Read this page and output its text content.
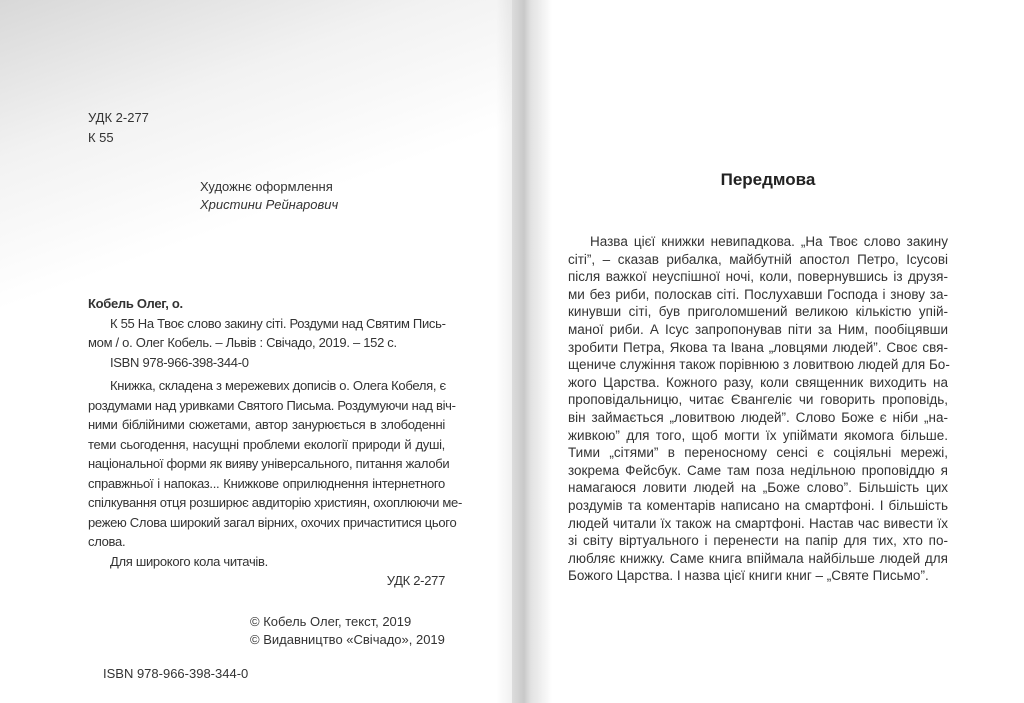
УДК 2-277
К 55
Художнє оформлення
Христини Рейнарович
Кобель Олег, о.
К 55 На Твоє слово закину сіті. Роздуми над Святим Пись-
мом / о. Олег Кобель. – Львів : Свічадо, 2019. – 152 с.
ISBN 978-966-398-344-0
Книжка, складена з мережевих дописів о. Олега Кобеля, є
роздумами над уривками Святого Письма. Роздумуючи над віч-
ними біблійними сюжетами, автор занурюється в злободенні
теми сьогодення, насущні проблеми екології природи й душі,
національної форми як вияву універсального, питання жалоби
справжньої і напоказ... Книжкове оприлюднення інтернетного
спілкування отця розширює авдиторію християн, охоплюючи ме-
режею Слова широкий загал вірних, охочих причаститися цього
слова.
Для широкого кола читачів.
УДК 2-277
© Кобель Олег, текст, 2019
© Видавництво «Свічадо», 2019
ISBN 978-966-398-344-0
Передмова
Назва цієї книжки невипадкова. „На Твоє слово закину
сіті”, – сказав рибалка, майбутній апостол Петро, Ісусові
після важкої неуспішної ночі, коли, повернувшись із друзя-
ми без риби, полоскав сіті. Послухавши Господа і знову за-
кинувши сіті, був приголомшений великою кількістю упій-
маної риби. А Ісус запропонував піти за Ним, пообіцявши
зробити Петра, Якова та Івана „ловцями людей”. Своє свя-
щениче служіння також порівнюю з ловитвою людей для Бо-
жого Царства. Кожного разу, коли священник виходить на
проповідальницю, читає Євангеліє чи говорить проповідь,
він займається „ловитвою людей”. Слово Боже є ніби „на-
живкою” для того, щоб могти їх упіймати якомога більше.
Тими „сітями” в переносному сенсі є соціяльні мережі,
зокрема Фейсбук. Саме там поза недільною проповіддю я
намагаюся ловити людей на „Боже слово”. Більшість цих
роздумів та коментарів написано на смартфоні. І більшість
людей читали їх також на смартфоні. Настав час вивести їх
зі світу віртуального і перенести на папір для тих, хто по-
любляє книжку. Саме книга впіймала найбільше людей для
Божого Царства. І назва цієї книги книг – „Святе Письмо”.
